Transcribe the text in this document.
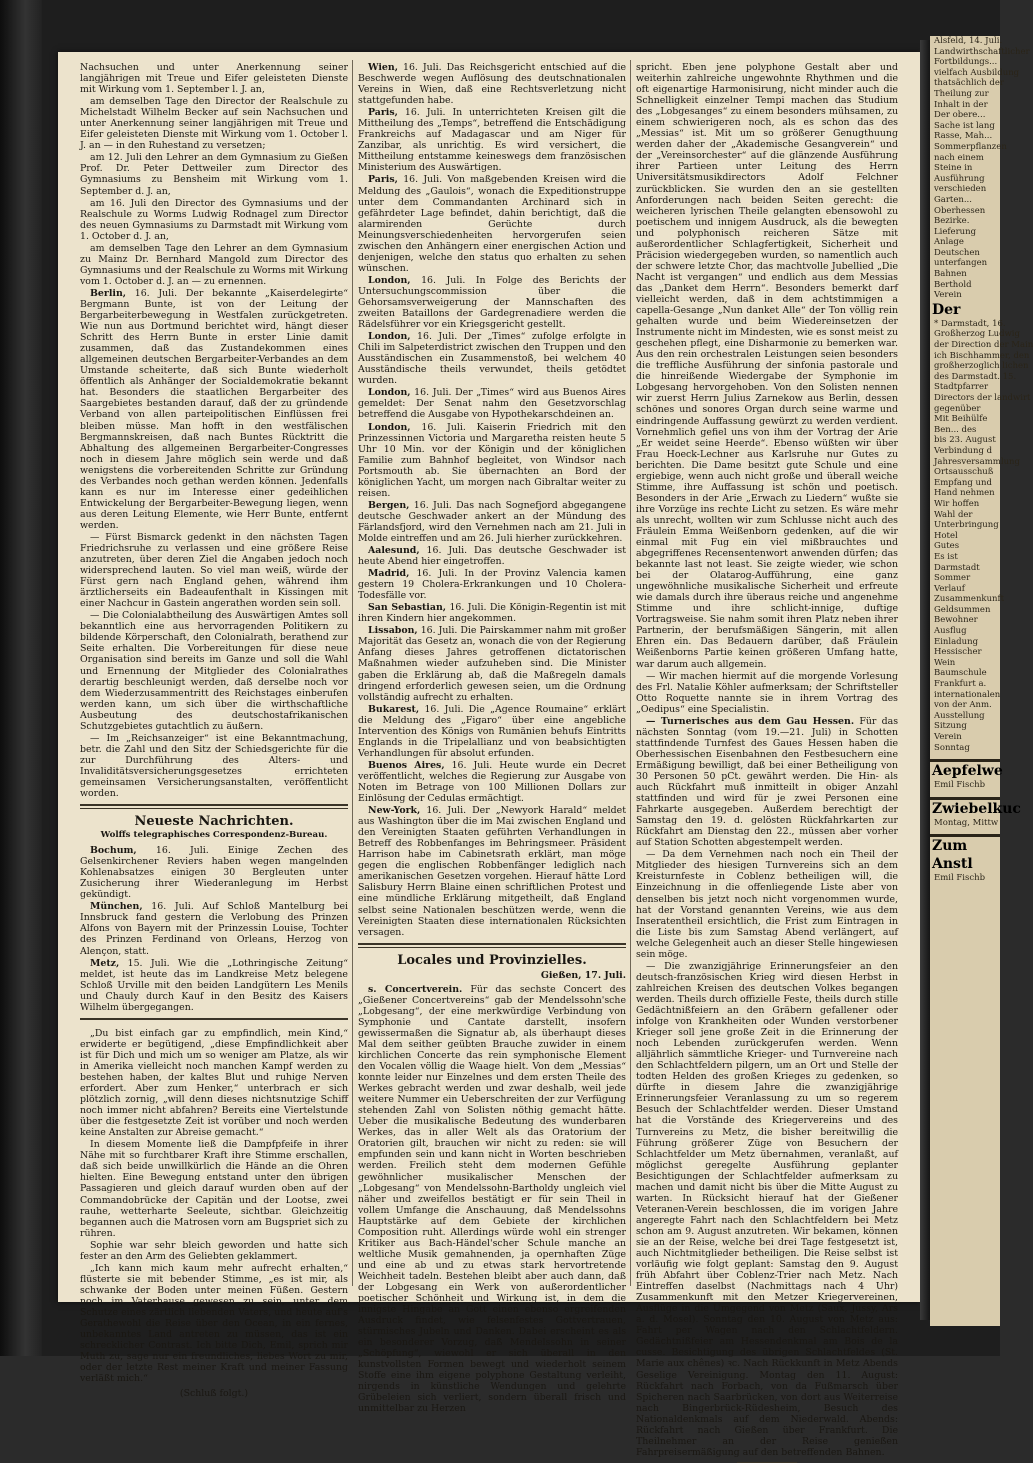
Nachsuchen und unter Anerkennung seiner langjährigen mit Treue und Eifer geleisteten Dienste mit Wirkung vom 1. September l. J. an,

am demselben Tage den Director der Realschule zu Michelstadt Wilhelm Becker auf sein Nachsuchen und unter Anerkennung seiner langjährigen mit Treue und Eifer geleisteten Dienste mit Wirkung vom 1. October l. J. an — in den Ruhestand zu versetzen;

am 12. Juli den Lehrer an dem Gymnasium zu Gießen Prof. Dr. Peter Dettweiler zum Director des Gymnasiums zu Bensheim mit Wirkung vom 1. September d. J. an,

am 16. Juli den Director des Gymnasiums und der Realschule zu Worms Ludwig Rodnagel zum Director des neuen Gymnasiums zu Darmstadt mit Wirkung vom 1. October d. J. an,

am demselben Tage den Lehrer an dem Gymnasium zu Mainz Dr. Bernhard Mangold zum Director des Gymnasiums und der Realschule zu Worms mit Wirkung vom 1. October d. J. an — zu ernennen.

Berlin, 16. Juli. Der bekannte „Kaiserdelegirte“ Bergmann Bunte, ist von der Leitung der Bergarbeiterbewegung in Westfalen zurückgetreten. Wie nun aus Dortmund berichtet wird, hängt dieser Schritt des Herrn Bunte in erster Linie damit zusammen, daß das Zustandekommen eines allgemeinen deutschen Bergarbeiter-Verbandes an dem Umstande scheiterte, daß sich Bunte wiederholt öffentlich als Anhänger der Socialdemokratie bekannt hat. Besonders die staatlichen Bergarbeiter des Saargebietes bestanden darauf, daß der zu gründende Verband von allen parteipolitischen Einflüssen frei bleiben müsse. Man hofft in den westfälischen Bergmannskreisen, daß nach Buntes Rücktritt die Abhaltung des allgemeinen Bergarbeiter-Congresses noch in diesem Jahre möglich sein werde und daß wenigstens die vorbereitenden Schritte zur Gründung des Verbandes noch gethan werden können. Jedenfalls kann es nur im Interesse einer gedeihlichen Entwickelung der Bergarbeiter-Bewegung liegen, wenn aus deren Leitung Elemente, wie Herr Bunte, entfernt werden.

— Fürst Bismarck gedenkt in den nächsten Tagen Friedrichsruhe zu verlassen und eine größere Reise anzutreten, über deren Ziel die Angaben jedoch noch widersprechend lauten. So viel man weiß, würde der Fürst gern nach England gehen, während ihm ärztlicherseits ein Badeaufenthalt in Kissingen mit einer Nachcur in Gastein angerathen worden sein soll.

— Die Colonialabtheilung des Auswärtigen Amtes soll bekanntlich eine aus hervorragenden Politikern zu bildende Körperschaft, den Colonialrath, berathend zur Seite erhalten. Die Vorbereitungen für diese neue Organisation sind bereits im Ganze und soll die Wahl und Ernennung der Mitglieder des Colonialrathes derartig beschleunigt werden, daß derselbe noch vor dem Wiederzusammentritt des Reichstages einberufen werden kann, um sich über die wirthschaftliche Ausbeutung des deutschostafrikanischen Schutzgebietes gutachtlich zu äußern.

— Im „Reichsanzeiger“ ist eine Bekanntmachung, betr. die Zahl und den Sitz der Schiedsgerichte für die zur Durchführung des Alters- und Invaliditätsversicherungsgesetzes errichteten gemeinsamen Versicherungsanstalten, veröffentlicht worden.

Neueste Nachrichten.
Wolffs telegraphisches Correspondenz-Bureau.

Bochum, 16. Juli. Einige Zechen des Gelsenkirchener Reviers haben wegen mangelnden Kohlenabsatzes einigen 30 Bergleuten unter Zusicherung ihrer Wiederanlegung im Herbst gekündigt.

München, 16. Juli. Auf Schloß Mantelburg bei Innsbruck fand gestern die Verlobung des Prinzen Alfons von Bayern mit der Prinzessin Louise, Tochter des Prinzen Ferdinand von Orleans, Herzog von Alençon, statt.

Metz, 15. Juli. Wie die „Lothringische Zeitung“ meldet, ist heute das im Landkreise Metz belegene Schloß Urville mit den beiden Landgütern Les Menils und Chauly durch Kauf in den Besitz des Kaisers Wilhelm übergegangen.

„Du bist einfach gar zu empfindlich, mein Kind,“ erwiderte er begütigend, „diese Empfindlichkeit aber ist für Dich und mich um so weniger am Platze, als wir in Amerika vielleicht noch manchen Kampf werden zu bestehen haben, der kaltes Blut und ruhige Nerven erfordert. Aber zum Henker,“ unterbrach er sich plötzlich zornig, „will denn dieses nichtsnutzige Schiff noch immer nicht abfahren? Bereits eine Viertelstunde über die festgesetzte Zeit ist vorüber und noch werden keine Anstalten zur Abreise gemacht.“

In diesem Momente ließ die Dampfpfeife in ihrer Nähe mit so furchtbarer Kraft ihre Stimme erschallen, daß sich beide unwillkürlich die Hände an die Ohren hielten. Eine Bewegung entstand unter den übrigen Passagieren und gleich darauf wurden oben auf der Commandobrücke der Capitän und der Lootse, zwei rauhe, wetterharte Seeleute, sichtbar. Gleichzeitig begannen auch die Matrosen vorn am Bugspriet sich zu rühren.

Sophie war sehr bleich geworden und hatte sich fester an den Arm des Geliebten geklammert.

„Ich kann mich kaum mehr aufrecht erhalten,“ flüsterte sie mit bebender Stimme, „es ist mir, als schwanke der Boden unter meinen Füßen. Gestern noch im Vaterhause gewesen zu sein, unter dem Schutze eines zärtlich liebenden Vaters, und heute auf's Gerathewohl die Reise über den Ocean, in ein fernes, unbekanntes Land antreten zu müssen, das ist ein schrecklicher Contrast. Ich bitte Dich, Emil, sprich mir Muth zu, sage nur ein freundliches, liebes Wort zu mir, oder der letzte Rest meiner Kraft und meiner Fassung verläßt mich.“

(Schluß folgt.)

Wien, 16. Juli. Das Reichsgericht entschied auf die Beschwerde wegen Auflösung des deutschnationalen Vereins in Wien, daß eine Rechtsverletzung nicht stattgefunden habe.

Paris, 16. Juli. In unterrichteten Kreisen gilt die Mittheilung des „Temps“, betreffend die Entschädigung Frankreichs auf Madagascar und am Niger für Zanzibar, als unrichtig. Es wird versichert, die Mittheilung entstamme keineswegs dem französischen Ministerium des Auswärtigen.

Paris, 16. Juli. Von maßgebenden Kreisen wird die Meldung des „Gaulois“, wonach die Expeditionstruppe unter dem Commandanten Archinard sich in gefährdeter Lage befindet, dahin berichtigt, daß die alarmirenden Gerüchte durch Meinungsverschiedenheiten hervorgerufen seien zwischen den Anhängern einer energischen Action und denjenigen, welche den status quo erhalten zu sehen wünschen.

London, 16. Juli. In Folge des Berichts der Untersuchungscommission über die Gehorsamsverweigerung der Mannschaften des zweiten Bataillons der Gardegrenadiere werden die Rädelsführer vor ein Kriegsgericht gestellt.

London, 16. Juli. Der „Times“ zufolge erfolgte in Chili im Salpeterdistrict zwischen den Truppen und den Ausständischen ein Zusammenstoß, bei welchem 40 Ausständische theils verwundet, theils getödtet wurden.

London, 16. Juli. Der „Times“ wird aus Buenos Aires gemeldet: Der Senat nahm den Gesetzvorschlag betreffend die Ausgabe von Hypothekarschdeinen an.

London, 16. Juli. Kaiserin Friedrich mit den Prinzessinnen Victoria und Margaretha reisten heute 5 Uhr 10 Min. vor der Königin und der königlichen Familie zum Bahnhof begleitet, von Windsor nach Portsmouth ab. Sie übernachten an Bord der königlichen Yacht, um morgen nach Gibraltar weiter zu reisen.

Bergen, 16. Juli. Das nach Sognefjord abgegangene deutsche Geschwader ankert an der Mündung des Färlandsfjord, wird den Vernehmen nach am 21. Juli in Molde eintreffen und am 26. Juli hierher zurückkehren.

Aalesund, 16. Juli. Das deutsche Geschwader ist heute Abend hier eingetroffen.

Madrid, 16. Juli. In der Provinz Valencia kamen gestern 19 Cholera-Erkrankungen und 10 Cholera-Todesfälle vor.

San Sebastian, 16. Juli. Die Königin-Regentin ist mit ihren Kindern hier angekommen.

Lissabon, 16. Juli. Die Pairskammer nahm mit großer Majorität das Gesetz an, wonach die von der Regierung Anfang dieses Jahres getroffenen dictatorischen Maßnahmen wieder aufzuheben sind. Die Minister gaben die Erklärung ab, daß die Maßregeln damals dringend erforderlich gewesen seien, um die Ordnung vollständig aufrecht zu erhalten.

Bukarest, 16. Juli. Die „Agence Roumaine“ erklärt die Meldung des „Figaro“ über eine angebliche Intervention des Königs von Rumänien behufs Eintritts Englands in die Tripelallianz und von beabsichtigten Verhandlungen für absolut erfunden.

Buenos Aires, 16. Juli. Heute wurde ein Decret veröffentlicht, welches die Regierung zur Ausgabe von Noten im Betrage von 100 Millionen Dollars zur Einlösung der Cedulas ermächtigt.

New-York, 16. Juli. Der „Newyork Harald“ meldet aus Washington über die im Mai zwischen England und den Vereinigten Staaten geführten Verhandlungen in Betreff des Robbenfanges im Behringsmeer. Präsident Harrison habe im Cabinetsrath erklärt, man möge gegen die englischen Robbenfänger lediglich nach amerikanischen Gesetzen vorgehen. Hierauf hätte Lord Salisbury Herrn Blaine einen schriftlichen Protest und eine mündliche Erklärung mitgetheilt, daß England selbst seine Nationalen beschützen werde, wenn die Vereinigten Staaten diese internationalen Rücksichten versagen.

Locales und Provinzielles.
Gießen, 17. Juli.

s. Concertverein. Für das sechste Concert des „Gießener Concertvereins“ gab der Mendelssohn'sche „Lobgesang“, der eine merkwürdige Verbindung von Symphonie und Cantate darstellt, insofern gewissermaßen die Signatur ab, als überhaupt dieses Mal dem seither geübten Brauche zuwider in einem kirchlichen Concerte das rein symphonische Element den Vocalen völlig die Waage hielt. Von dem „Messias“ konnte leider nur Einzelnes und dem ersten Theile des Werkes gebracht werden und zwar deshalb, weil jede weitere Nummer ein Ueberschreiten der zur Verfügung stehenden Zahl von Solisten nöthig gemacht hätte. Ueber die musikalische Bedeutung des wunderbaren Werkes, das in aller Welt als das Oratorium der Oratorien gilt, brauchen wir nicht zu reden: sie will empfunden sein und kann nicht in Worten beschrieben werden. Freilich steht dem modernen Gefühle gewöhnlicher musikalischer Menschen der „Lobgesang“ von Mendelssohn-Bartholdy ungleich viel näher und zweifellos bestätigt er für sein Theil in vollem Umfange die Anschauung, daß Mendelssohns Hauptstärke auf dem Gebiete der kirchlichen Composition ruht. Allerdings würde wohl ein strenger Kritiker aus Bach-Händel'scher Schule manche an weltliche Musik gemahnenden, ja opernhaften Züge und eine ab und zu etwas stark hervortretende Weichheit tadeln. Bestehen bleibt aber auch dann, daß der Lobgesang ein Werk von außerordentlicher poetischer Schönheit und Wirkung ist, in dem die innigste Hingabe an Gott einen ebenso ergreifenden Ausdruck findet, wie felsenfestes Gottvertrauen, stürmisches Jubeln und Danken. Dabei erscheint es als ein besonderer Vorzug, daß Mendelssohn in seiner „Schöpfung“, wiewohl er sich überall in den kunstvollsten Formen bewegt und wiederholt seinem Stoffe eine ihm eigene polyphone Gestaltung verleiht, nirgends in künstliche Wendungen und gelehrte Grübeleien sich verliert, sondern überall frisch und unmittelbar zu Herzen

spricht. Eben jene polyphone Gestalt aber und weiterhin zahlreiche ungewohnte Rhythmen und die oft eigenartige Harmonisirung, nicht minder auch die Schnelligkeit einzelner Tempi machen das Studium des „Lobgesanges“ zu einem besonders mühsamen, zu einem schwierigeren noch, als es schon das des „Messias“ ist. Mit um so größerer Genugthuung werden daher der „Akademische Gesangverein“ und der „Vereinsorchester“ auf die glänzende Ausführung ihrer Partieen unter Leitung des Herrn Universitätsmusikdirectors Adolf Felchner zurückblicken. Sie wurden den an sie gestellten Anforderungen nach beiden Seiten gerecht: die weicheren lyrischen Theile gelangten ebensowohl zu poetischem und innigem Ausdruck, als die bewegten und polyphonisch reicheren Sätze mit außerordentlicher Schlagfertigkeit, Sicherheit und Präcision wiedergegeben wurden, so namentlich auch der schwere letzte Chor, das machtvolle Jubellied „Die Nacht ist vergangen“ und endlich aus dem Messias das „Danket dem Herrn“. Besonders bemerkt darf vielleicht werden, daß in dem achtstimmigen a capella-Gesange „Nun danket Alle“ der Ton völlig rein gehalten wurde und beim Wiedereinsetzen der Instrumente nicht im Mindesten, wie es sonst meist zu geschehen pflegt, eine Disharmonie zu bemerken war. Aus den rein orchestralen Leistungen seien besonders die treffliche Ausführung der sinfonia pastorale und die hinreißende Wiedergabe der Symphonie im Lobgesang hervorgehoben. Von den Solisten nennen wir zuerst Herrn Julius Zarnekow aus Berlin, dessen schönes und sonores Organ durch seine warme und eindringende Auffassung gewürzt zu werden verdient. Vornehmlich gefiel uns von ihm der Vortrag der Arie „Er weidet seine Heerde“. Ebenso wüßten wir über Frau Hoeck-Lechner aus Karlsruhe nur Gutes zu berichten. Die Dame besitzt gute Schule und eine ergiebige, wenn auch nicht große und überall weiche Stimme, ihre Auffassung ist schön und poetisch. Besonders in der Arie „Erwach zu Liedern“ wußte sie ihre Vorzüge ins rechte Licht zu setzen. Es wäre mehr als unrecht, wollten wir zum Schlusse nicht auch des Fräulein Emma Weißenborn gedenken, auf die wir einmal mit Fug ein viel mißbrauchtes und abgegriffenes Recensentenwort anwenden dürfen; das bekannte last not least. Sie zeigte wieder, wie schon bei der Olatarog-Aufführung, eine ganz ungewöhnliche musikalische Sicherheit und erfreute wie damals durch ihre überaus reiche und angenehme Stimme und ihre schlicht-innige, duftige Vortragsweise. Sie nahm somit ihren Platz neben ihrer Partnerin, der berufsmäßigen Sängerin, mit allen Ehren ein. Das Bedauern darüber, daß Fräulein Weißenborns Partie keinen größeren Umfang hatte, war darum auch allgemein.

— Wir machen hiermit auf die morgende Vorlesung des Frl. Natalie Köhler aufmerksam; der Schriftsteller Otto Roquette nannte sie in ihrem Vortrag des „Oedipus“ eine Specialistin.

— Turnerisches aus dem Gau Hessen. Für das nächsten Sonntag (vom 19.—21. Juli) in Schotten stattfindende Turnfest des Gaues Hessen haben die Oberhessischen Eisenbahnen den Festbesuchern eine Ermäßigung bewilligt, daß bei einer Betheiligung von 30 Personen 50 pCt. gewährt werden. Die Hin- als auch Rückfahrt muß inmitteilt in obiger Anzahl stattfinden und wird für je zwei Personen eine Fahrkarte ausgegeben. Außerdem berechtigt der Samstag den 19. d. gelösten Rückfahrkarten zur Rückfahrt am Dienstag den 22., müssen aber vorher auf Station Schotten abgestempelt werden.

— Da dem Vernehmen nach noch ein Theil der Mitglieder des hiesigen Turnvereins sich an dem Kreisturnfeste in Coblenz betheiligen will, die Einzeichnung in die offenliegende Liste aber von denselben bis jetzt noch nicht vorgenommen wurde, hat der Vorstand genannten Vereins, wie aus dem Inseratentheil ersichtlich, die Frist zum Eintragen in die Liste bis zum Samstag Abend verlängert, auf welche Gelegenheit auch an dieser Stelle hingewiesen sein möge.

— Die zwanzigjährige Erinnerungsfeier an den deutsch-französischen Krieg wird diesen Herbst in zahlreichen Kreisen des deutschen Volkes begangen werden. Theils durch offizielle Feste, theils durch stille Gedächtnißfeiern an den Gräbern gefallener oder infolge von Krankheiten oder Wunden verstorbener Krieger soll jene große Zeit in die Erinnerung der noch Lebenden zurückgerufen werden. Wenn alljährlich sämmtliche Krieger- und Turnvereine nach den Schlachtfeldern pilgern, um an Ort und Stelle der todten Helden des großen Krieges zu gedenken, so dürfte in diesem Jahre die zwanzigjährige Erinnerungsfeier Veranlassung zu um so regerem Besuch der Schlachtfelder werden. Dieser Umstand hat die Vorstände des Kriegervereins und des Turnvereins zu Metz, die bisher bereitwillig die Führung größerer Züge von Besuchern der Schlachtfelder um Metz übernahmen, veranlaßt, auf möglichst geregelte Ausführung geplanter Besichtigungen der Schlachtfelder aufmerksam zu machen und damit nicht bis über die Mitte August zu warten. In Rücksicht hierauf hat der Gießener Veteranen-Verein beschlossen, die im vorigen Jahre angeregte Fahrt nach den Schlachtfeldern bei Metz schon am 9. August anzutreten. Wir bekamen, können sie an der Reise, welche bei drei Tage festgesetzt ist, auch Nichtmitglieder betheiligen. Die Reise selbst ist vorläufig wie folgt geplant: Samstag den 9. August früh Abfahrt über Coblenz-Trier nach Metz. Nach Eintreffen daselbst (Nachmittags nach 4 Uhr) Zusammenkunft mit den Metzer Kriegervereinen, Ausflüge in die Umgegend von Metz (Saux, Jussy, Ars a. d. Mosel). Sonntag den 10. August von Metz aus: Fahrt per Wagen nach den Schlachtfeldern. Gedächtnißfeier am Hessendenkmal am Bois de la cusse. Besichtigung des übrigen Schlachtfeldes (St. Marie aux chênes) ꝛc. Nach Rückkunft in Metz Abends Geselige Vereinigung. Montag den 11. August: Rückfahrt nach Forbach, von da Fußmarsch über Spicheren nach Saarbrücken, von dort aus Weiterreise nach Bingerbrück-Rüdesheim, Besuch des Nationaldenkmals auf dem Niederwald. Abends: Rückfahrt nach Gießen über Frankfurt. Die Theilnehmer an der Reise genießen Fahrpreisermäßigung auf den betreffenden Bahnen.

Alsfeld, 14. Juli.
Landwirthschaftlicher
Fortbildungs...
vielfach Ausbildung
thatsächlich der
Theilung zur
Inhalt in der
Der obere...
Sache ist lang
Rasse, Mah...
Sommerpflanzen
nach einem
Steine in
Ausführung
verschieden
Garten...
Oberhessen
Bezirke.
Lieferung
Anlage
Deutschen
unterfangen
Bahnen
Berthold
Verein
Der
* Darmstadt, 16.
Großherzog Ludwig
der Direction der Main
ich Bischhammer, den
großherzoglich lichen
des Darmstadt. 15.
Stadtpfarrer
Directors der landwirt
gegenüber
Mit Beihülfe
Ben... des
bis 23. August
Verbindung d
Jahresversammlung
Ortsausschuß
Empfang und
Hand nehmen
Wir hoffen
Wahl der
Unterbringung
Hotel
Gutes
Es ist
Darmstadt
Sommer
Verlauf
Zusammenkunft
Geldsummen
Bewohner
Ausflug
Einladung
Hessischer
Wein
Baumschule
Frankfurt a.
internationalen
von der Anm.
Ausstellung
Sitzung
Verein
Sonntag
Aepfelwe
Emil Fischb
Zwiebelkuc
Montag, Mittw
Zum Anstl
Emil Fischb
